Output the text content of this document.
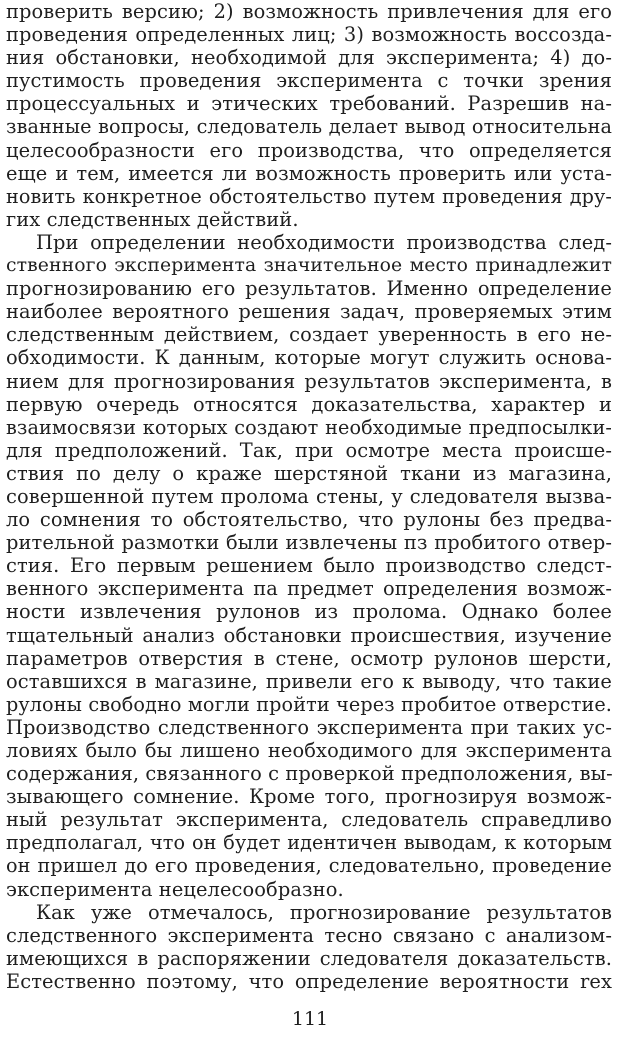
проверить версию; 2) возможность привлечения для его
проведения определенных лиц; 3) возможность воссозда-
ния обстановки, необходимой для эксперимента; 4) до-
пустимость проведения эксперимента с точки зрения
процессуальных и этических требований. Разрешив на-
званные вопросы, следователь делает вывод относительна
целесообразности его производства, что определяется
еще и тем, имеется ли возможность проверить или уста-
новить конкретное обстоятельство путем проведения дру-
гих следственных действий.
При определении необходимости производства след-
ственного эксперимента значительное место принадлежит
прогнозированию его результатов. Именно определение
наиболее вероятного решения задач, проверяемых этим
следственным действием, создает уверенность в его не-
обходимости. К данным, которые могут служить основа-
нием для прогнозирования результатов эксперимента, в
первую очередь относятся доказательства, характер и
взаимосвязи которых создают необходимые предпосылки-
для предположений. Так, при осмотре места происше-
ствия по делу о краже шерстяной ткани из магазина,
совершенной путем пролома стены, у следователя вызва-
ло сомнения то обстоятельство, что рулоны без предва-
рительной размотки были извлечены пз пробитого отвер-
стия. Его первым решением было производство следст-
венного эксперимента па предмет определения возмож-
ности извлечения рулонов из пролома. Однако более
тщательный анализ обстановки происшествия, изучение
параметров отверстия в стене, осмотр рулонов шерсти,
оставшихся в магазине, привели его к выводу, что такие
рулоны свободно могли пройти через пробитое отверстие.
Производство следственного эксперимента при таких ус-
ловиях было бы лишено необходимого для эксперимента
содержания, связанного с проверкой предположения, вы-
зывающего сомнение. Кроме того, прогнозируя возмож-
ный результат эксперимента, следователь справедливо
предполагал, что он будет идентичен выводам, к которым
он пришел до его проведения, следовательно, проведение
эксперимента нецелесообразно.
Как уже отмечалось, прогнозирование результатов
следственного эксперимента тесно связано с анализом-
имеющихся в распоряжении следователя доказательств.
Естественно поэтому, что определение вероятности rex
111
